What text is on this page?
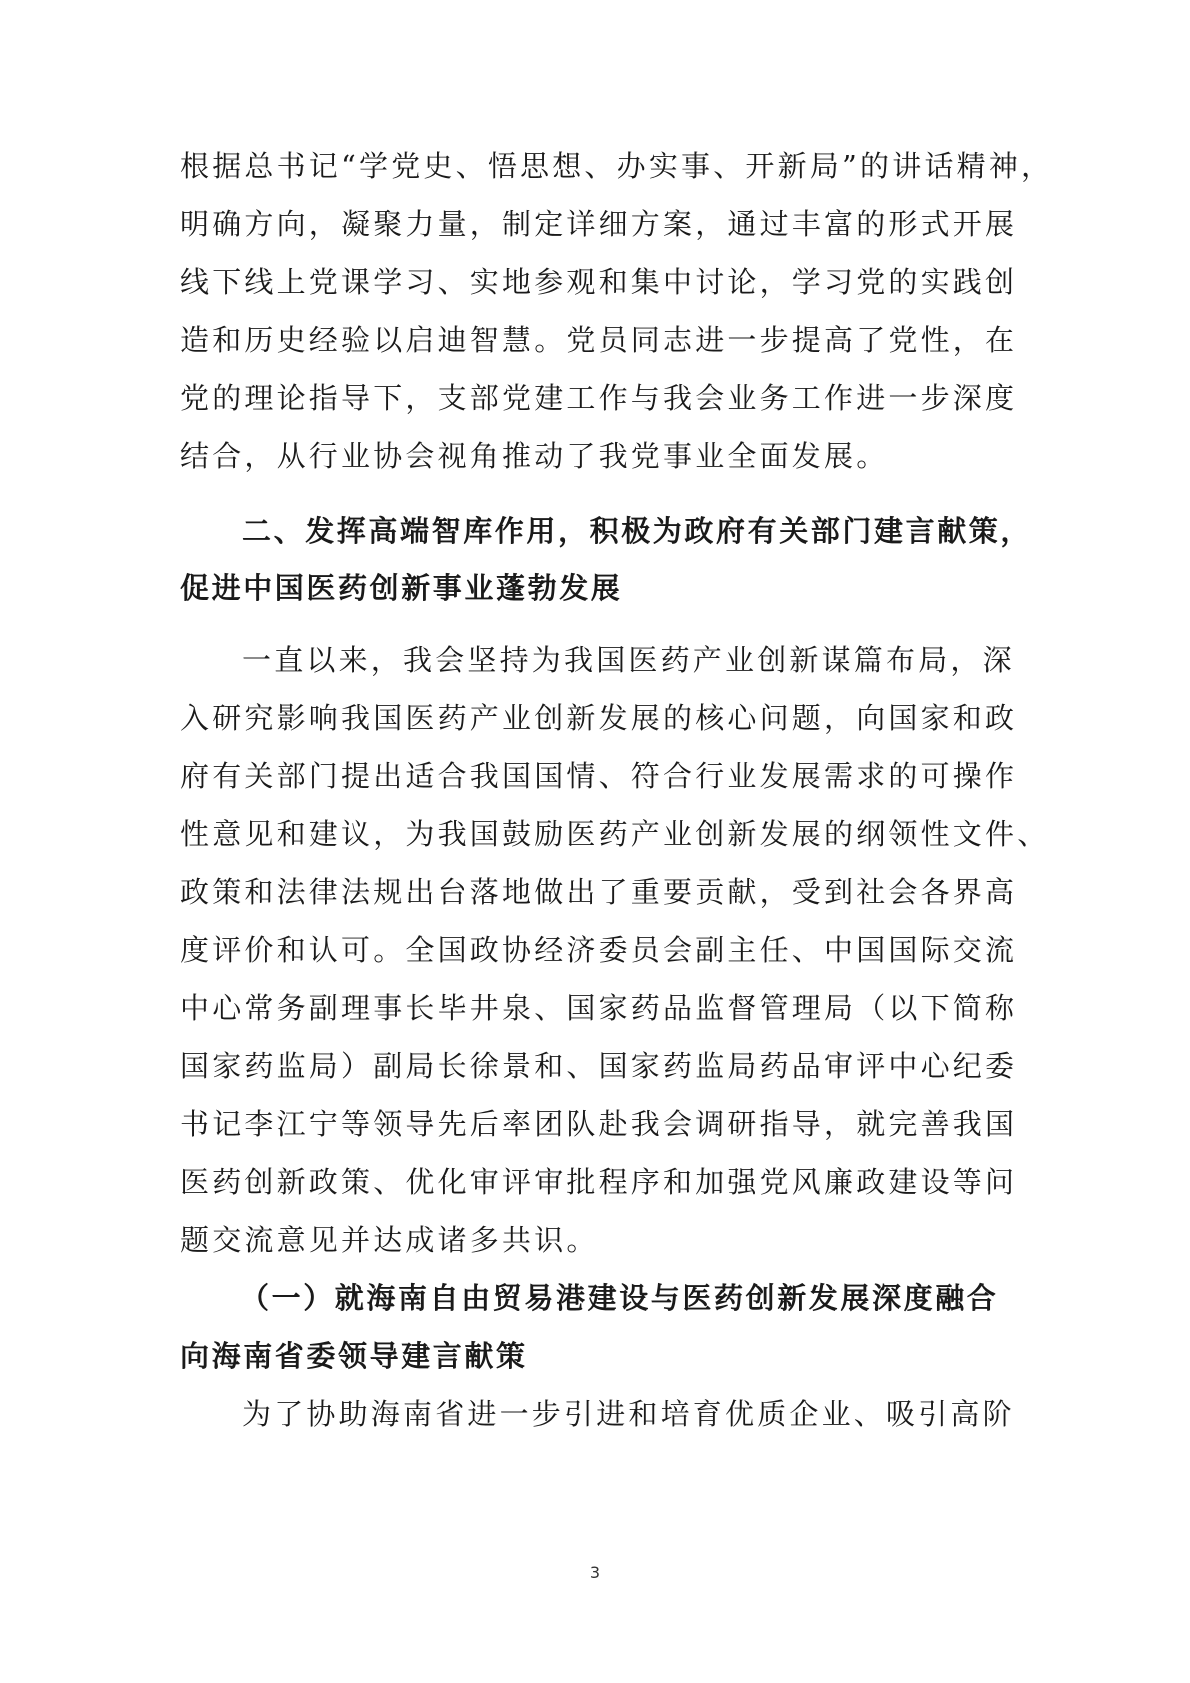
根据总书记“学党史、悟思想、办实事、开新局”的讲话精神，
明确方向，凝聚力量，制定详细方案，通过丰富的形式开展
线下线上党课学习、实地参观和集中讨论，学习党的实践创
造和历史经验以启迪智慧。党员同志进一步提高了党性，在
党的理论指导下，支部党建工作与我会业务工作进一步深度
结合，从行业协会视角推动了我党事业全面发展。
二、发挥高端智库作用，积极为政府有关部门建言献策，
促进中国医药创新事业蓬勃发展
一直以来，我会坚持为我国医药产业创新谋篇布局，深
入研究影响我国医药产业创新发展的核心问题，向国家和政
府有关部门提出适合我国国情、符合行业发展需求的可操作
性意见和建议，为我国鼓励医药产业创新发展的纲领性文件、
政策和法律法规出台落地做出了重要贡献，受到社会各界高
度评价和认可。全国政协经济委员会副主任、中国国际交流
中心常务副理事长毕井泉、国家药品监督管理局（以下简称
国家药监局）副局长徐景和、国家药监局药品审评中心纪委
书记李江宁等领导先后率团队赴我会调研指导，就完善我国
医药创新政策、优化审评审批程序和加强党风廉政建设等问
题交流意见并达成诸多共识。
（一）就海南自由贸易港建设与医药创新发展深度融合
向海南省委领导建言献策
为了协助海南省进一步引进和培育优质企业、吸引高阶
3
